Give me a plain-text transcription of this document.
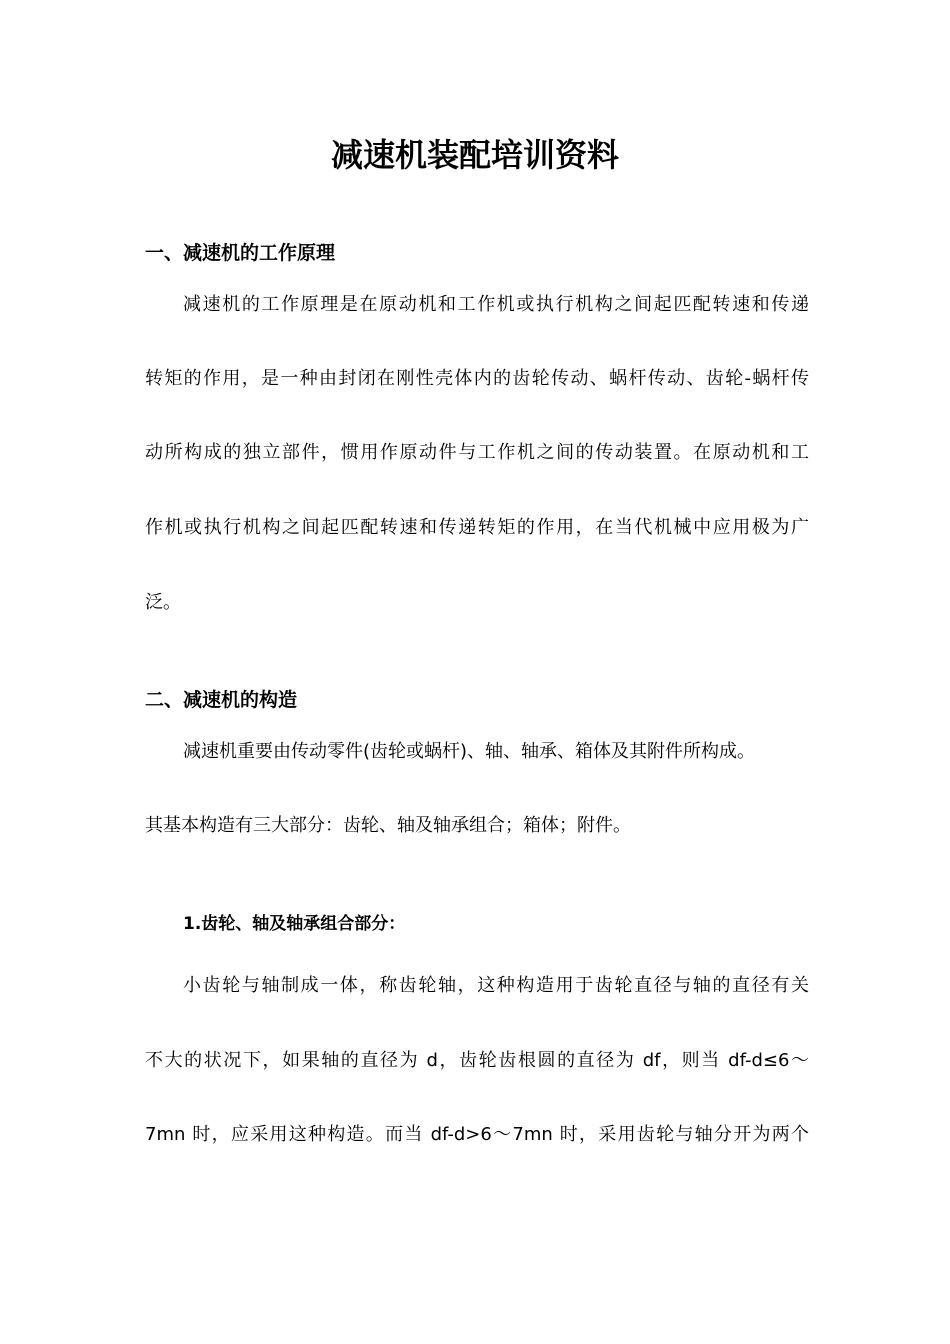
减速机装配培训资料
一、减速机的工作原理
减速机的工作原理是在原动机和工作机或执行机构之间起匹配转速和传递
转矩的作用，是一种由封闭在刚性壳体内的齿轮传动、蜗杆传动、齿轮-蜗杆传
动所构成的独立部件，惯用作原动件与工作机之间的传动装置。在原动机和工
作机或执行机构之间起匹配转速和传递转矩的作用，在当代机械中应用极为广
泛。
二、减速机的构造
减速机重要由传动零件(齿轮或蜗杆)、轴、轴承、箱体及其附件所构成。
其基本构造有三大部分：齿轮、轴及轴承组合；箱体；附件。
1.齿轮、轴及轴承组合部分：
小齿轮与轴制成一体，称齿轮轴，这种构造用于齿轮直径与轴的直径有关
不大的状况下，如果轴的直径为 d，齿轮齿根圆的直径为 df，则当 df-d≤6～
7mn 时，应采用这种构造。而当 df-d>6～7mn 时，采用齿轮与轴分开为两个
